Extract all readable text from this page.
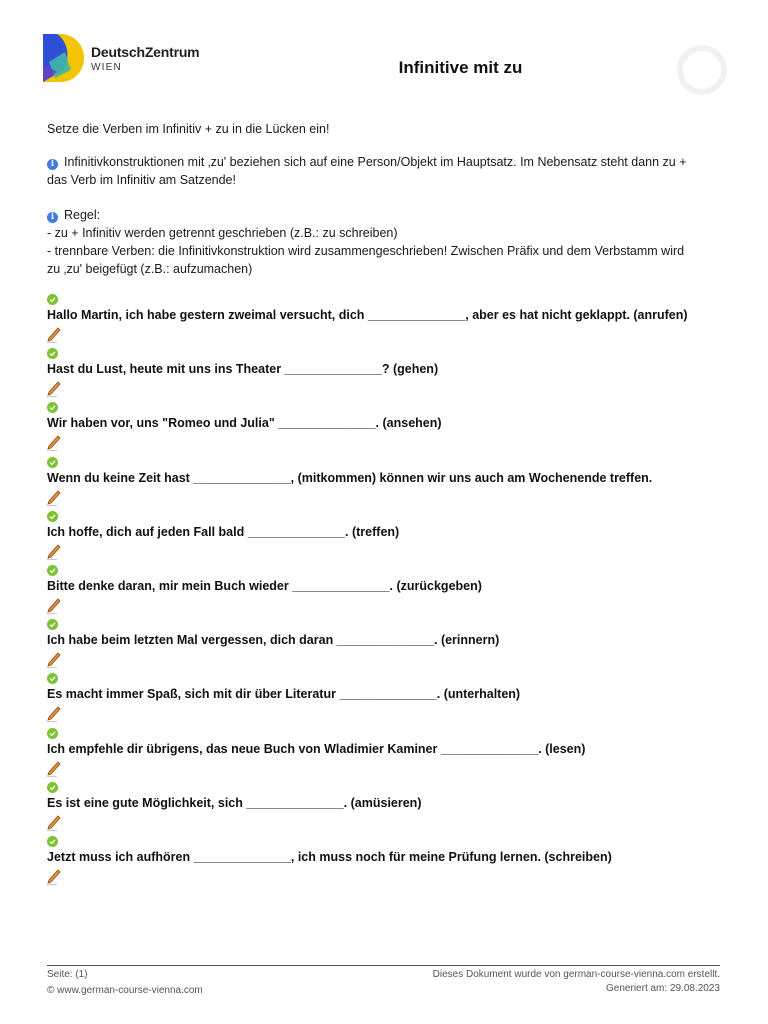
DeutschZentrum
WIEN	Infinitive mit zu
Setze die Verben im Infinitiv + zu in die Lücken ein!
i Infinitivkonstruktionen mit ‚zu' beziehen sich auf eine Person/Objekt im Hauptsatz. Im Nebensatz steht dann zu +
das Verb im Infinitiv am Satzende!
i Regel:
- zu + Infinitiv werden getrennt geschrieben (z.B.: zu schreiben)
- trennbare Verben: die Infinitivkonstruktion wird zusammengeschrieben! Zwischen Präfix und dem Verbstamm wird
zu ‚zu' beigefügt (z.B.: aufzumachen)
Hallo Martin, ich habe gestern zweimal versucht, dich ______________, aber es hat nicht geklappt. (anrufen)
Hast du Lust, heute mit uns ins Theater ______________? (gehen)
Wir haben vor, uns "Romeo und Julia" ______________. (ansehen)
Wenn du keine Zeit hast ______________, (mitkommen) können wir uns auch am Wochenende treffen.
Ich hoffe, dich auf jeden Fall bald ______________. (treffen)
Bitte denke daran, mir mein Buch wieder ______________. (zurückgeben)
Ich habe beim letzten Mal vergessen, dich daran ______________. (erinnern)
Es macht immer Spaß, sich mit dir über Literatur ______________. (unterhalten)
Ich empfehle dir übrigens, das neue Buch von Wladimier Kaminer ______________. (lesen)
Es ist eine gute Möglichkeit, sich ______________. (amüsieren)
Jetzt muss ich aufhören ______________, ich muss noch für meine Prüfung lernen. (schreiben)
Seite: (1)
© www.german-course-vienna.com
Dieses Dokument wurde von german-course-vienna.com erstellt.
Generiert am: 29.08.2023
